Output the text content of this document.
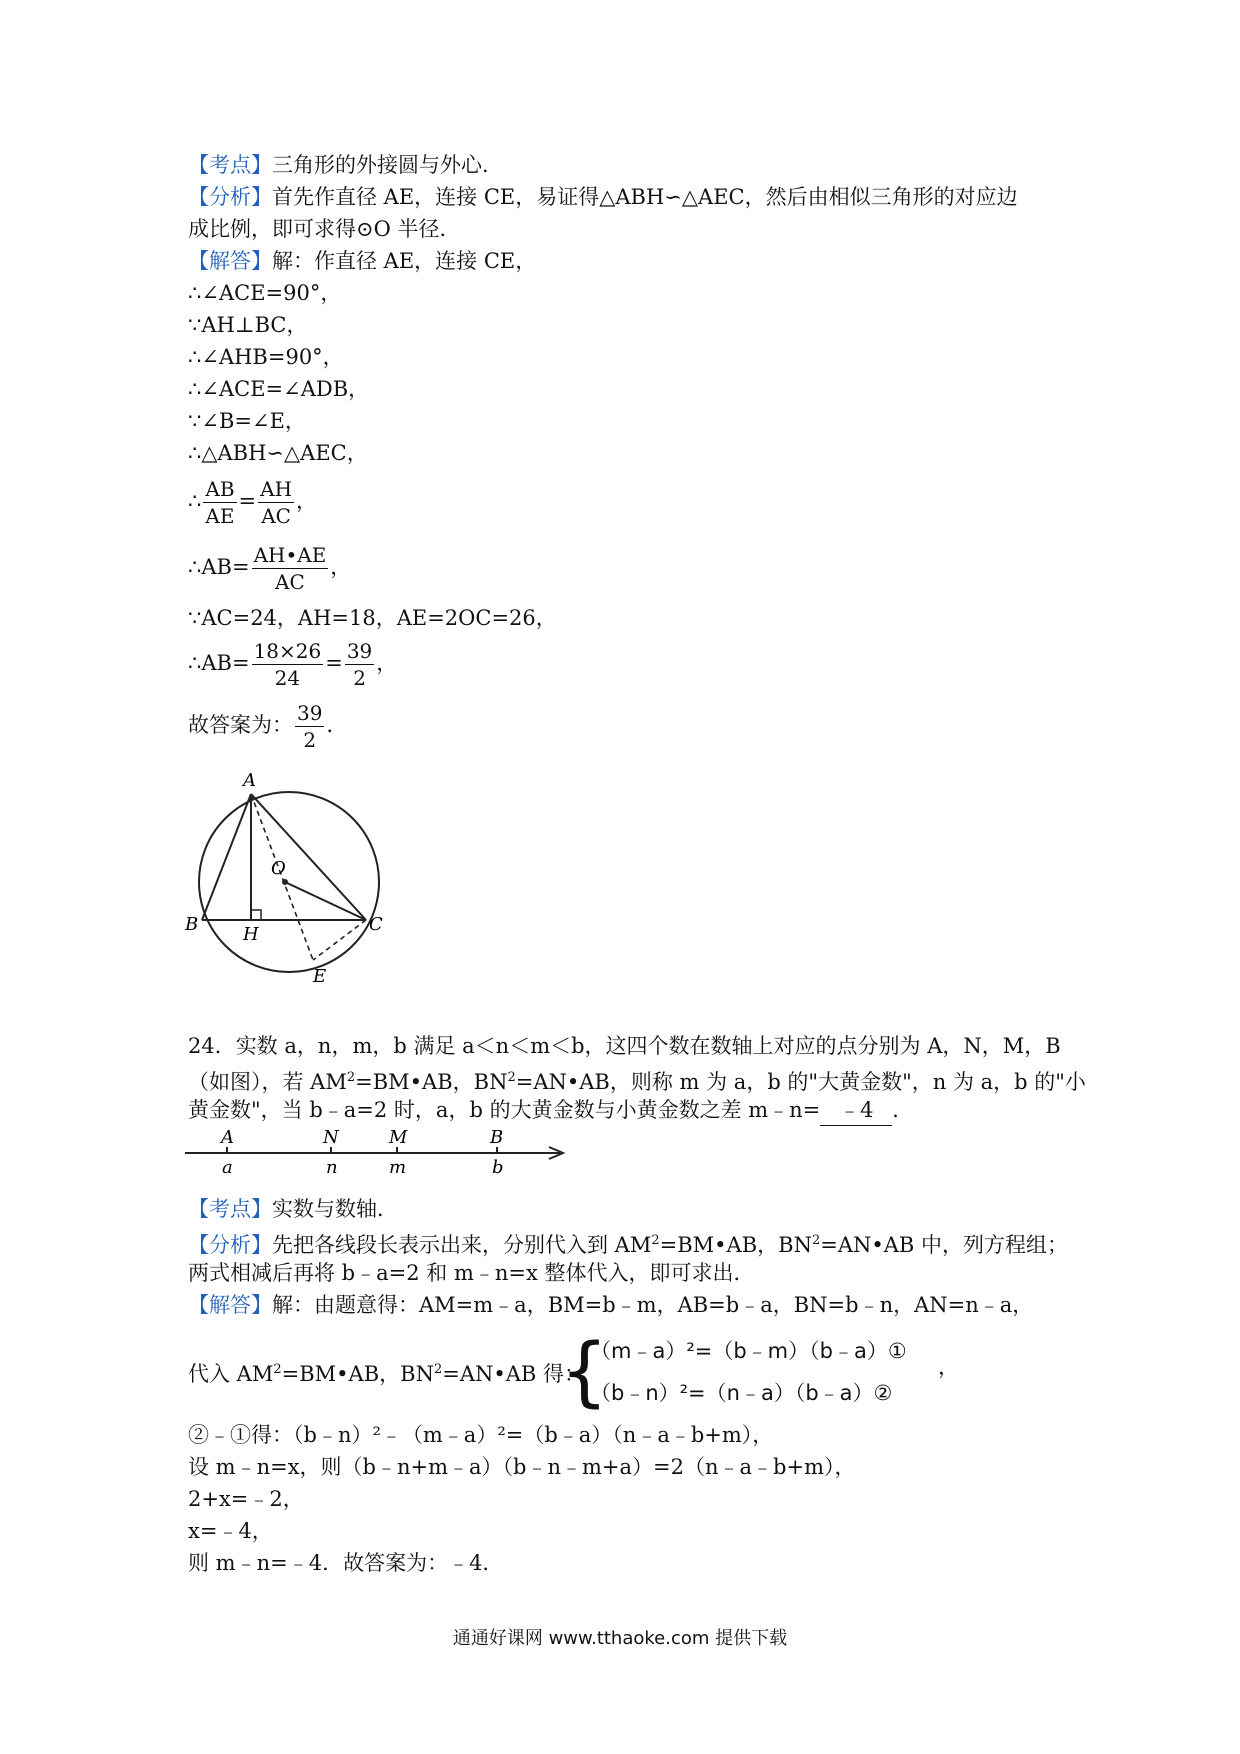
【考点】三角形的外接圆与外心．
【分析】首先作直径 AE，连接 CE，易证得△ABH∽△AEC，然后由相似三角形的对应边
成比例，即可求得⊙O 半径．
【解答】解：作直径 AE，连接 CE，
∴∠ACE=90°，
∵AH⊥BC，
∴∠AHB=90°，
∴∠ACE=∠ADB，
∵∠B=∠E，
∴△ABH∽△AEC，
∴ $\frac{AB}{AE} = \frac{AH}{AC}$ ，
∴AB= $\frac{AH•AE}{AC}$ ，
∵AC=24，AH=18，AE=2OC=26，
∴AB= $\frac{18\times 26}{24} = \frac{39}{2}$ ，
故答案为： $\frac{39}{2}$ ．
A
O
B H	C
E
24．实数 a，n，m，b 满足 a＜n＜m＜b，这四个数在数轴上对应的点分别为 A，N，M，B
（如图），若 $AM^2=BM•AB$，$BN^2=AN•AB$，则称 m 为 a，b 的"大黄金数"，n 为 a，b 的"小
黄金数"，当 b﹣a=2 时，a，b 的大黄金数与小黄金数之差 m﹣n= ﹣4 ．
A	N	M	B
a	n	m	b
【考点】实数与数轴．
【分析】先把各线段长表示出来，分别代入到 $AM^2=BM•AB$，$BN^2=AN•AB$ 中，列方程组；
两式相减后再将 b﹣a=2 和 m﹣n=x 整体代入，即可求出．
【解答】解：由题意得：AM=m﹣a，BM=b﹣m，AB=b﹣a，BN=b﹣n，AN=n﹣a，
代入 $AM^2=BM•AB$，$BN^2=AN•AB$ 得：
{
（m﹣a）²=（b﹣m）（b﹣a）①
（b﹣n）²=（n﹣a）（b﹣a）②
，
②﹣①得：（b﹣n）²﹣（m﹣a）²=（b﹣a）（n﹣a﹣b+m），
设 m﹣n=x，则（b﹣n+m﹣a）（b﹣n﹣m+a）=2（n﹣a﹣b+m），
2+x=﹣2，
x=﹣4，
则 m﹣n=﹣4．故答案为：﹣4．
通通好课网 www.tthaoke.com 提供下载
